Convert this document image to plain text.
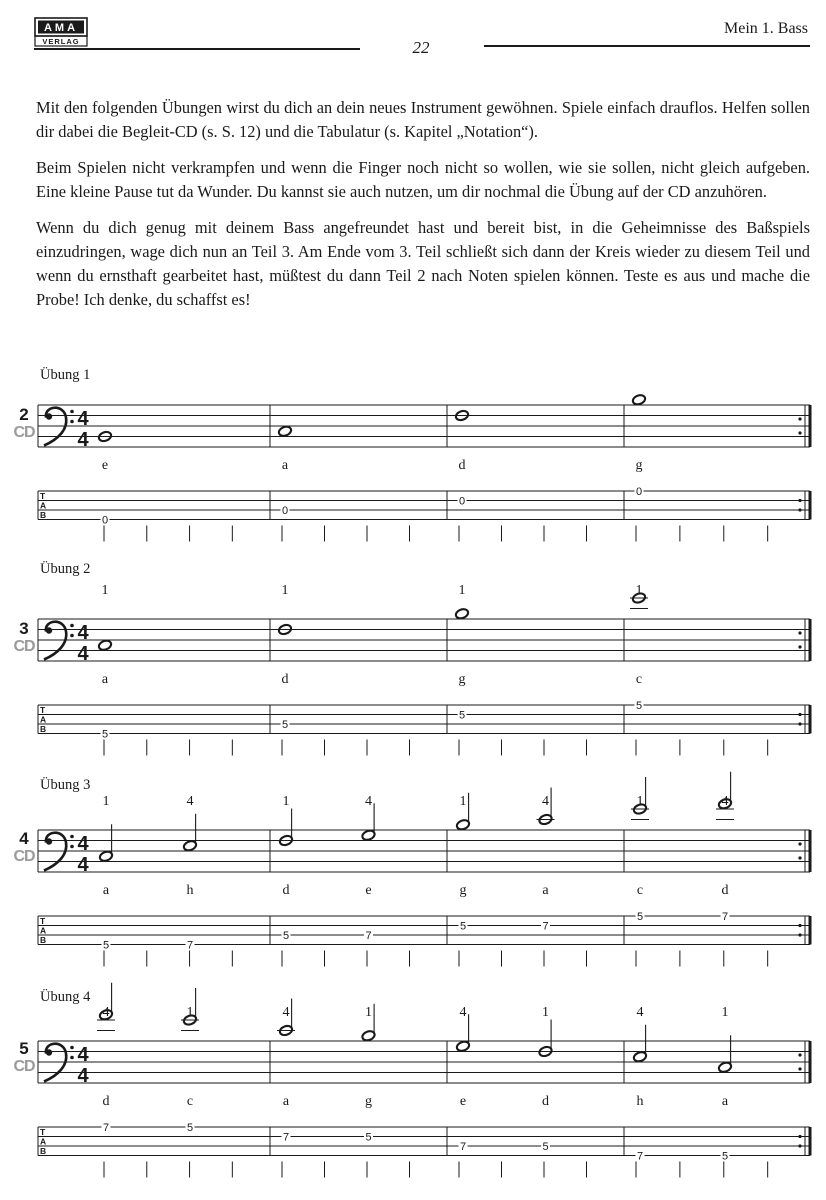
AMA
VERLAG	22
Mein 1. Bass

Mit den folgenden Übungen wirst du dich an dein neues Instrument gewöhnen. Spiele einfach drauflos. Helfen sollen dir dabei die Begleit-CD (s. S. 12) und die Tabulatur (s. Kapitel „Notation“).

Beim Spielen nicht verkrampfen und wenn die Finger noch nicht so wollen, wie sie sollen, nicht gleich aufgeben. Eine kleine Pause tut da Wunder. Du kannst sie auch nutzen, um dir nochmal die Übung auf der CD anzuhören.

Wenn du dich genug mit deinem Bass angefreundet hast und bereit bist, in die Geheimnisse des Baßspiels einzudringen, wage dich nun an Teil 3. Am Ende vom 3. Teil schließt sich dann der Kreis wieder zu diesem Teil und wenn du ernsthaft gearbeitet hast, müßtest du dann Teil 2 nach Noten spielen können. Teste es aus und mache die Probe! Ich denke, du schaffst es!

Übung 1
Übung 2
Übung 3
Übung 4
2
CD
3
CD
4
CD
5
CD
4
4
T
A
B
e
0
a
0
d
0
g
0
4
4
T
A
B
1
a
5
1
d
5
1
g
5
1
c
5
4
4
T
A
B
1
a
5
4
h
7
1
d
5
4
e
7
1
g
5
4
a
7
1
c
5
4
d
7
4
4
T
A
B
4
d
7
1
c
5
4
a
7
1
g
5
4
e
7
1
d
5
4
h
7
1
a
5
